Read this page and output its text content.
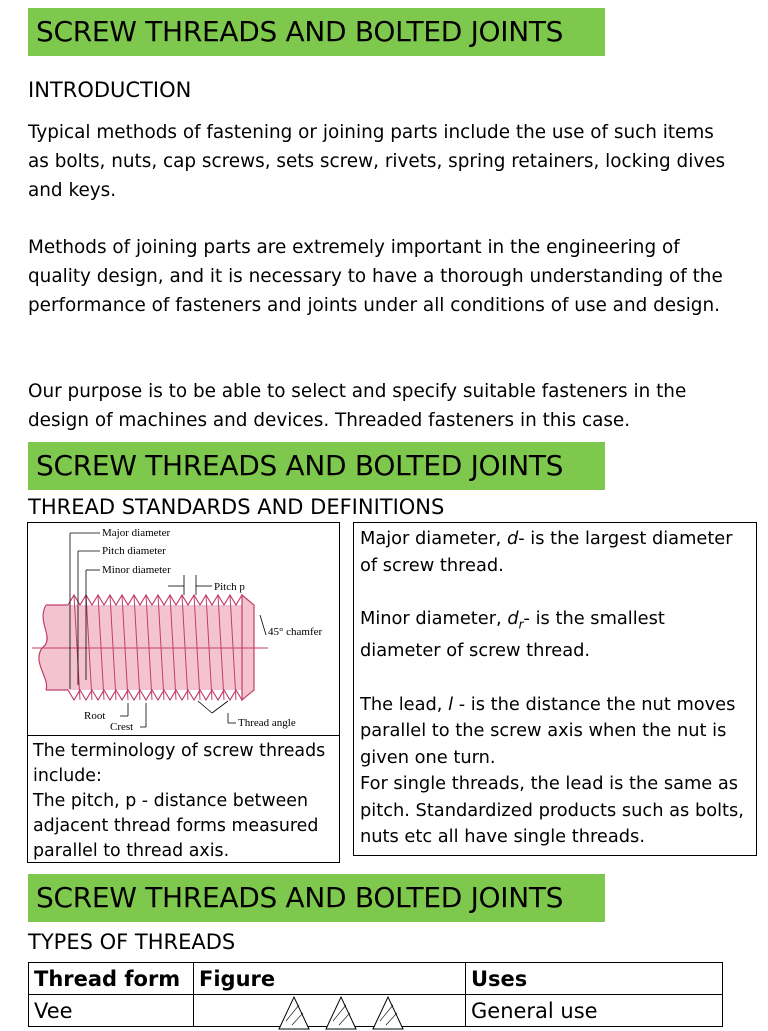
SCREW THREADS AND BOLTED JOINTS
INTRODUCTION

Typical methods of fastening or joining parts include the use of such items as bolts, nuts, cap screws, sets screw, rivets, spring retainers, locking dives and keys.

Methods of joining parts are extremely important in the engineering of quality design, and it is necessary to have a thorough understanding of the performance of fasteners and joints under all conditions of use and design.

Our purpose is to be able to select and specify suitable fasteners in the design of machines and devices. Threaded fasteners in this case.

SCREW THREADS AND BOLTED JOINTS
THREAD STANDARDS AND DEFINITIONS
Major diameter
Pitch diameter
Minor diameter
Pitch p
45° chamfer
Root
Crest	Thread angle

The terminology of screw threads include:

The pitch, p - distance between adjacent thread forms measured parallel to thread axis.

Major diameter, d- is the largest diameter of screw thread.

Minor diameter, $d_r-$ is the smallest diameter of screw thread.

The lead, l - is the distance the nut moves parallel to the screw axis when the nut is given one turn.

For single threads, the lead is the same as pitch. Standardized products such as bolts, nuts etc all have single threads.

SCREW THREADS AND BOLTED JOINTS
TYPES OF THREADS
Thread form	Figure	Uses
Vee		General use
